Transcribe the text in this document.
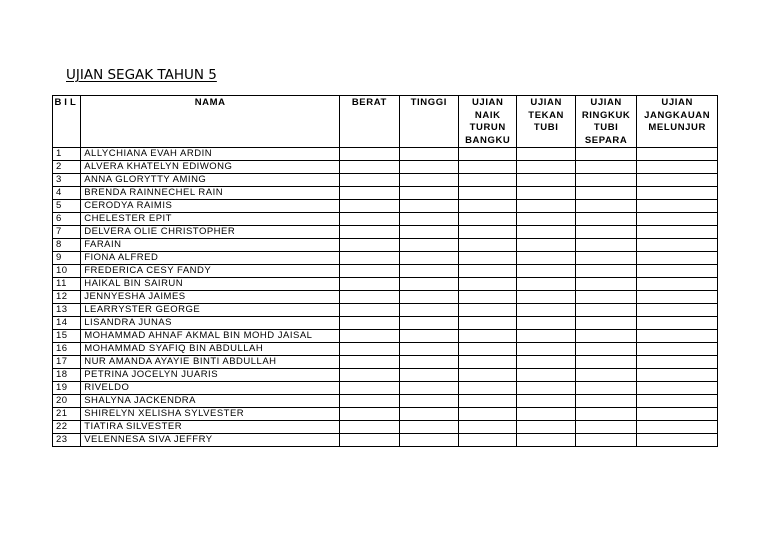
UJIAN SEGAK TAHUN 5
BIL	NAMA	BERAT	TINGGI	UJIAN NAIK TURUN BANGKU	UJIAN TEKAN TUBI	UJIAN RINGKUK TUBI SEPARA	UJIAN JANGKAUAN MELUNJUR
1	ALLYCHIANA EVAH ARDIN						
2	ALVERA KHATELYN EDIWONG						
3	ANNA GLORYTTY AMING						
4	BRENDA RAINNECHEL RAIN						
5	CERODYA RAIMIS						
6	CHELESTER EPIT						
7	DELVERA OLIE CHRISTOPHER						
8	FARAIN						
9	FIONA ALFRED						
10	FREDERICA CESY FANDY						
11	HAIKAL BIN SAIRUN						
12	JENNYESHA JAIMES						
13	LEARRYSTER GEORGE						
14	LISANDRA JUNAS						
15	MOHAMMAD AHNAF AKMAL BIN MOHD JAISAL						
16	MOHAMMAD SYAFIQ BIN ABDULLAH						
17	NUR AMANDA AYAYIE BINTI ABDULLAH						
18	PETRINA JOCELYN JUARIS						
19	RIVELDO						
20	SHALYNA JACKENDRA						
21	SHIRELYN XELISHA SYLVESTER						
22	TIATIRA SILVESTER						
23	VELENNESA SIVA JEFFRY						
